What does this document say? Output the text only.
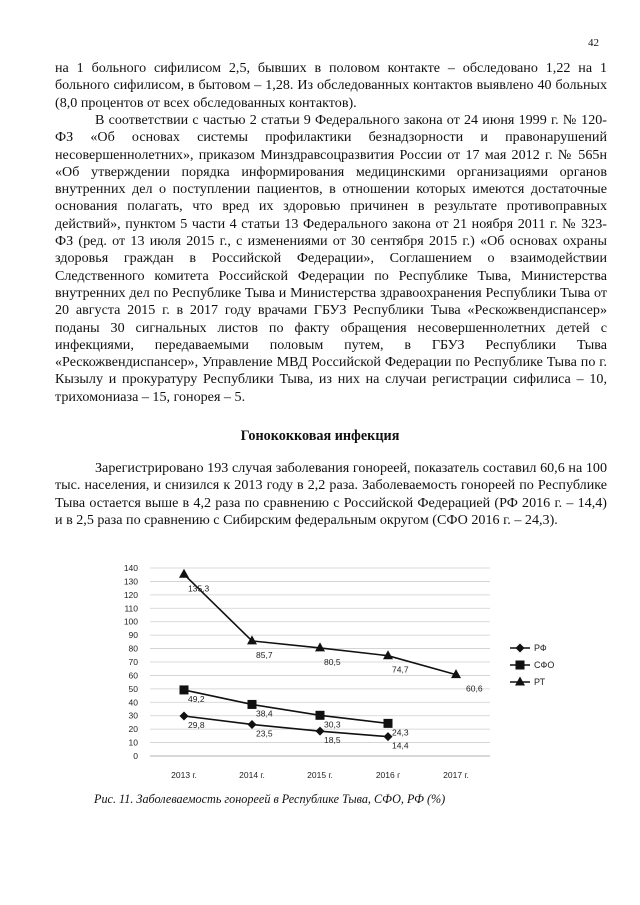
42

на 1 больного сифилисом 2,5, бывших в половом контакте – обследовано 1,22 на 1 больного сифилисом, в бытовом – 1,28. Из обследованных контактов выявлено 40 больных (8,0 процентов от всех обследованных контактов).

В соответствии с частью 2 статьи 9 Федерального закона от 24 июня 1999 г. № 120-ФЗ «Об основах системы профилактики безнадзорности и правонарушений несовершеннолетних», приказом Минздравсоцразвития России от 17 мая 2012 г. № 565н «Об утверждении порядка информирования медицинскими организациями органов внутренних дел о поступлении пациентов, в отношении которых имеются достаточные основания полагать, что вред их здоровью причинен в результате противоправных действий», пунктом 5 части 4 статьи 13 Федерального закона от 21 ноября 2011 г. № 323-ФЗ (ред. от 13 июля 2015 г., с изменениями от 30 сентября 2015 г.) «Об основах охраны здоровья граждан в Российской Федерации», Соглашением о взаимодействии Следственного комитета Российской Федерации по Республике Тыва, Министерства внутренних дел по Республике Тыва и Министерства здравоохранения Республики Тыва от 20 августа 2015 г. в 2017 году врачами ГБУЗ Республики Тыва «Рескожвендиспансер» поданы 30 сигнальных листов по факту обращения несовершеннолетних детей с инфекциями, передаваемыми половым путем, в ГБУЗ Республики Тыва «Рескожвендиспансер», Управление МВД Российской Федерации по Республике Тыва по г. Кызылу и прокуратуру Республики Тыва, из них на случаи регистрации сифилиса – 10, трихомониаза – 15, гонорея – 5.

Гонококковая инфекция

Зарегистрировано 193 случая заболевания гонореей, показатель составил 60,6 на 100 тыс. населения, и снизился к 2013 году в 2,2 раза. Заболеваемость гонореей по Республике Тыва остается выше в 4,2 раза по сравнению с Российской Федерацией (РФ 2016 г. – 14,4) и в 2,5 раза по сравнению с Сибирским федеральным округом (СФО 2016 г. – 24,3).

0
10
20
30
40
50
60
70
80
90
100
110
120
130
140
2013 г.	2014 г.	2015 г.	2016 г	2017 г.
29,8
23,5
18,5
14,4
49,2
38,4
30,3
24,3
135,3
85,7
80,5
74,7
60,6
РФ
СФО
РТ
Рис. 11. Заболеваемость гонореей в Республике Тыва, СФО, РФ (%)
